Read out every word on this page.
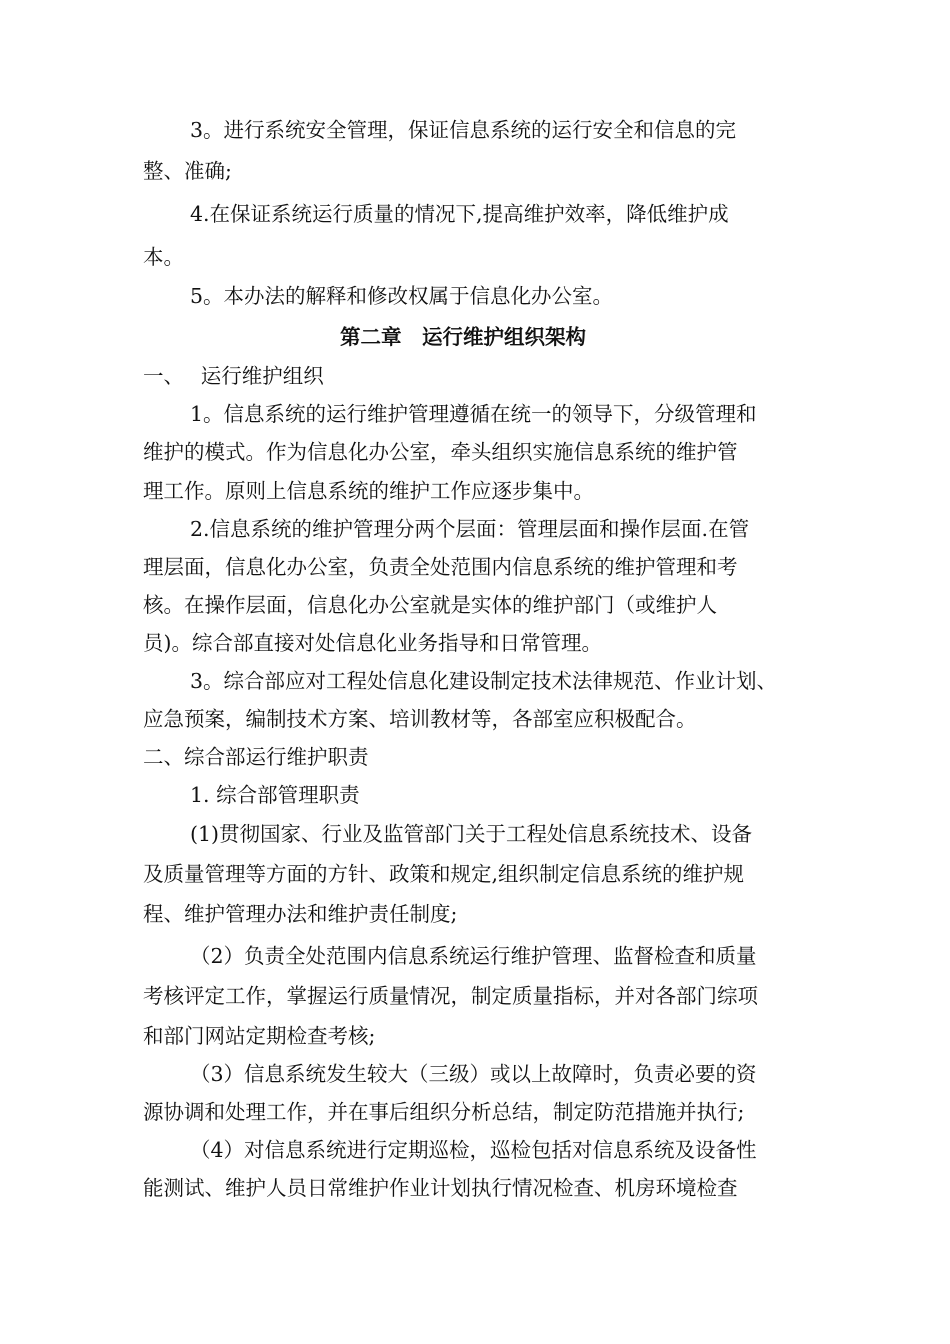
3。进行系统安全管理，保证信息系统的运行安全和信息的完

整、准确;

4.在保证系统运行质量的情况下,提高维护效率，降低维护成

本。

5。本办法的解释和修改权属于信息化办公室。

第二章　运行维护组织架构

一、　 运行维护组织

1。信息系统的运行维护管理遵循在统一的领导下，分级管理和

维护的模式。作为信息化办公室，牵头组织实施信息系统的维护管

理工作。原则上信息系统的维护工作应逐步集中。

2.信息系统的维护管理分两个层面：管理层面和操作层面.在管

理层面，信息化办公室，负责全处范围内信息系统的维护管理和考

核。在操作层面，信息化办公室就是实体的维护部门（或维护人

员)。综合部直接对处信息化业务指导和日常管理。

3。综合部应对工程处信息化建设制定技术法律规范、作业计划、

应急预案，编制技术方案、培训教材等，各部室应积极配合。

二、综合部运行维护职责

1. 综合部管理职责

(1)贯彻国家、行业及监管部门关于工程处信息系统技术、设备

及质量管理等方面的方针、政策和规定,组织制定信息系统的维护规

程、维护管理办法和维护责任制度;

（2）负责全处范围内信息系统运行维护管理、监督检查和质量

考核评定工作，掌握运行质量情况，制定质量指标，并对各部门综项

和部门网站定期检查考核;

（3）信息系统发生较大（三级）或以上故障时，负责必要的资

源协调和处理工作，并在事后组织分析总结，制定防范措施并执行;

（4）对信息系统进行定期巡检，巡检包括对信息系统及设备性

能测试、维护人员日常维护作业计划执行情况检查、机房环境检查
